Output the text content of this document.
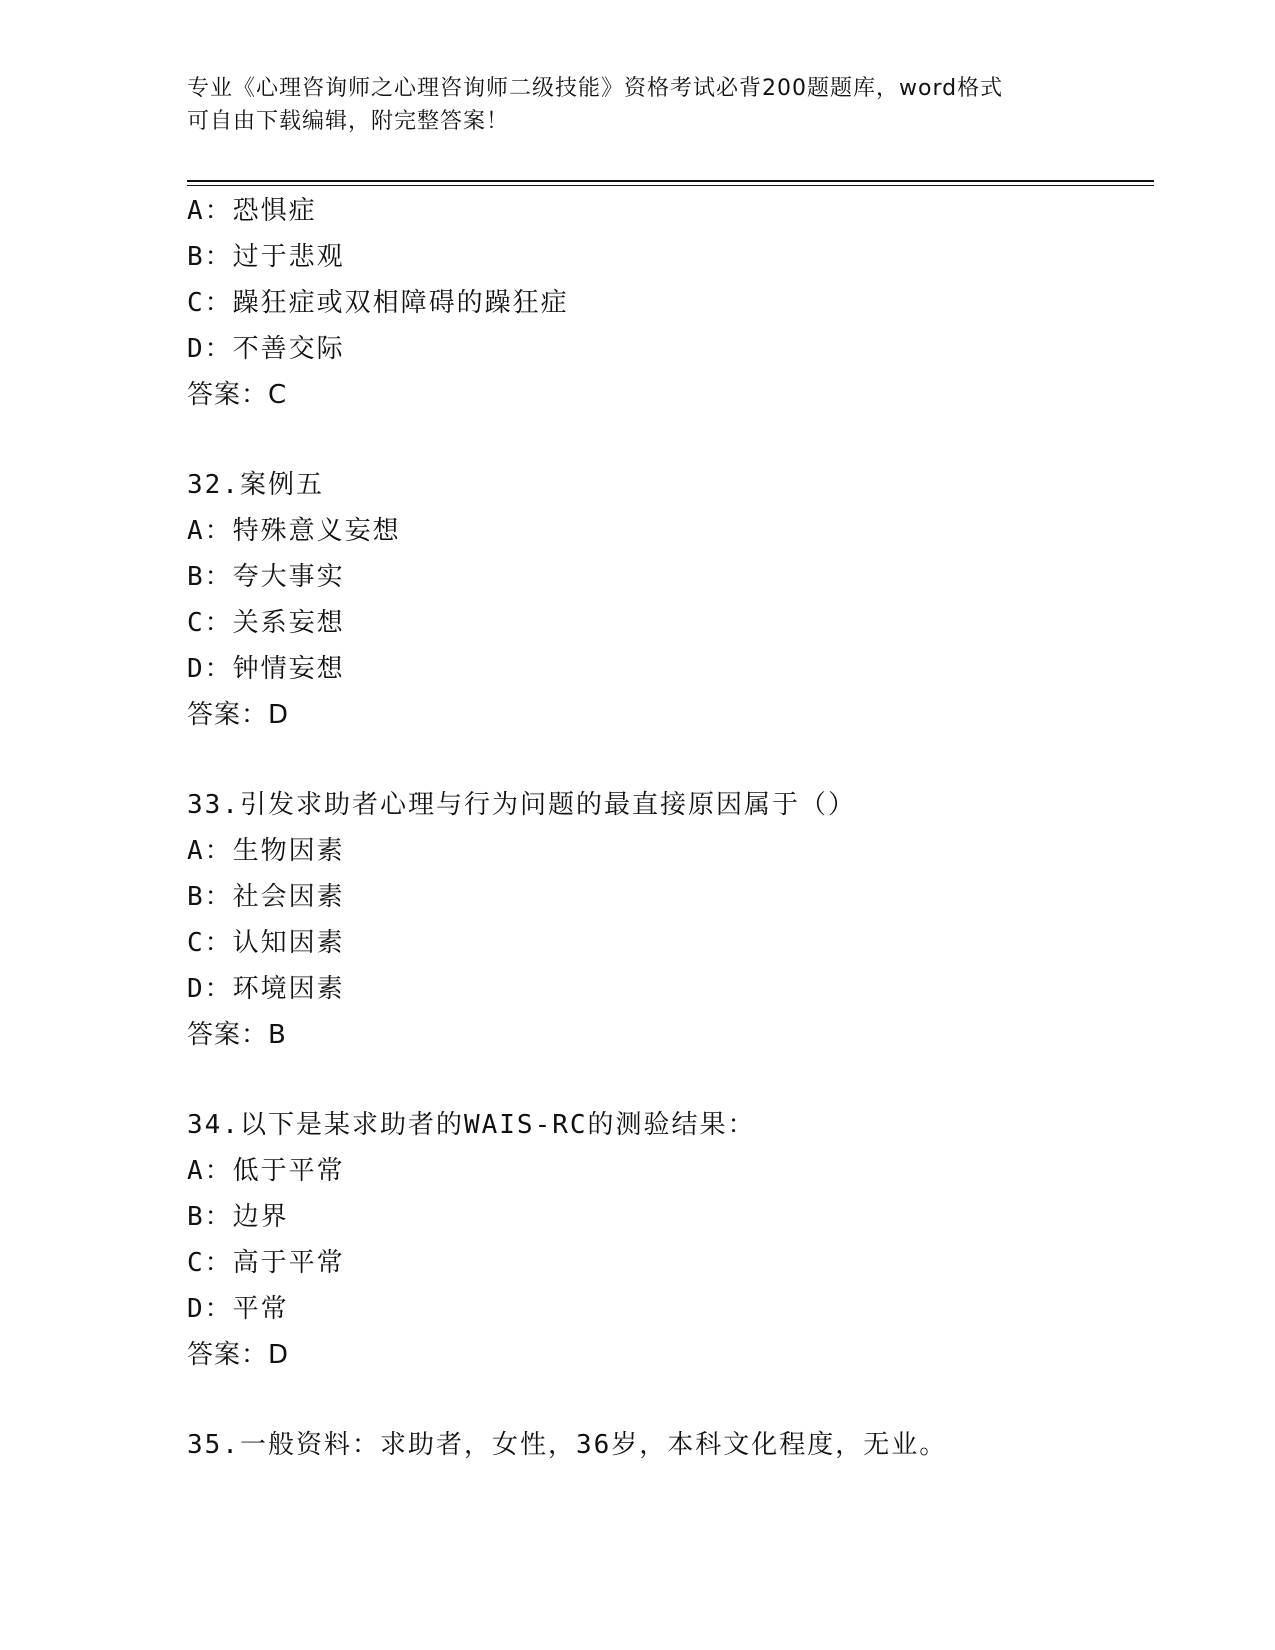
专业《心理咨询师之心理咨询师二级技能》资格考试必背200题题库，word格式
可自由下载编辑，附完整答案！
A：恐惧症
B：过于悲观
C：躁狂症或双相障碍的躁狂症
D：不善交际
答案：C
32.案例五
A：特殊意义妄想
B：夸大事实
C：关系妄想
D：钟情妄想
答案：D
33.引发求助者心理与行为问题的最直接原因属于（）
A：生物因素
B：社会因素
C：认知因素
D：环境因素
答案：B
34.以下是某求助者的WAIS-RC的测验结果：
A：低于平常
B：边界
C：高于平常
D：平常
答案：D
35.一般资料：求助者，女性，36岁，本科文化程度，无业。
